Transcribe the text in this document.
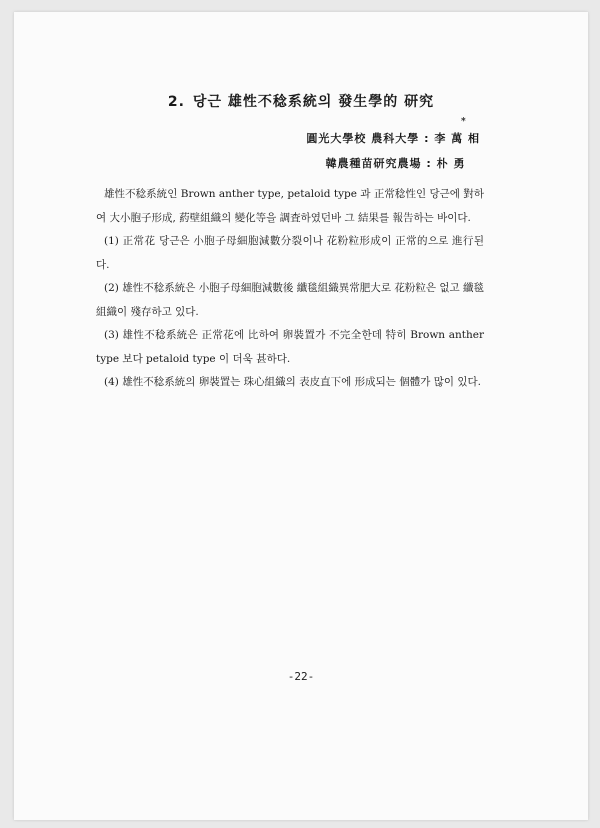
2. 당근 雄性不稔系統의 發生學的 研究
*
圓光大學校 農科大學 : 李 萬 相
韓農種苗研究農場 : 朴 勇

雄性不稔系統인 Brown anther type, petaloid type 과 正常稔性인 당근에 對하여 大小胞子形成, 葯壁組織의 變化等을 調査하였던바 그 結果를 報告하는 바이다.

(1) 正常花 당근은 小胞子母細胞減數分裂이나 花粉粒形成이 正常的으로 進行된다.

(2) 雄性不稔系統은 小胞子母細胞減數後 纖毯組織異常肥大로 花粉粒은 없고 纖毯組織이 殘存하고 있다.

(3) 雄性不稔系統은 正常花에 比하여 卵裝置가 不完全한데 特히 Brown anther type 보다 petaloid type 이 더욱 甚하다.

(4) 雄性不稔系統의 卵裝置는 珠心組織의 表皮直下에 形成되는 個體가 많이 있다.

-22-
